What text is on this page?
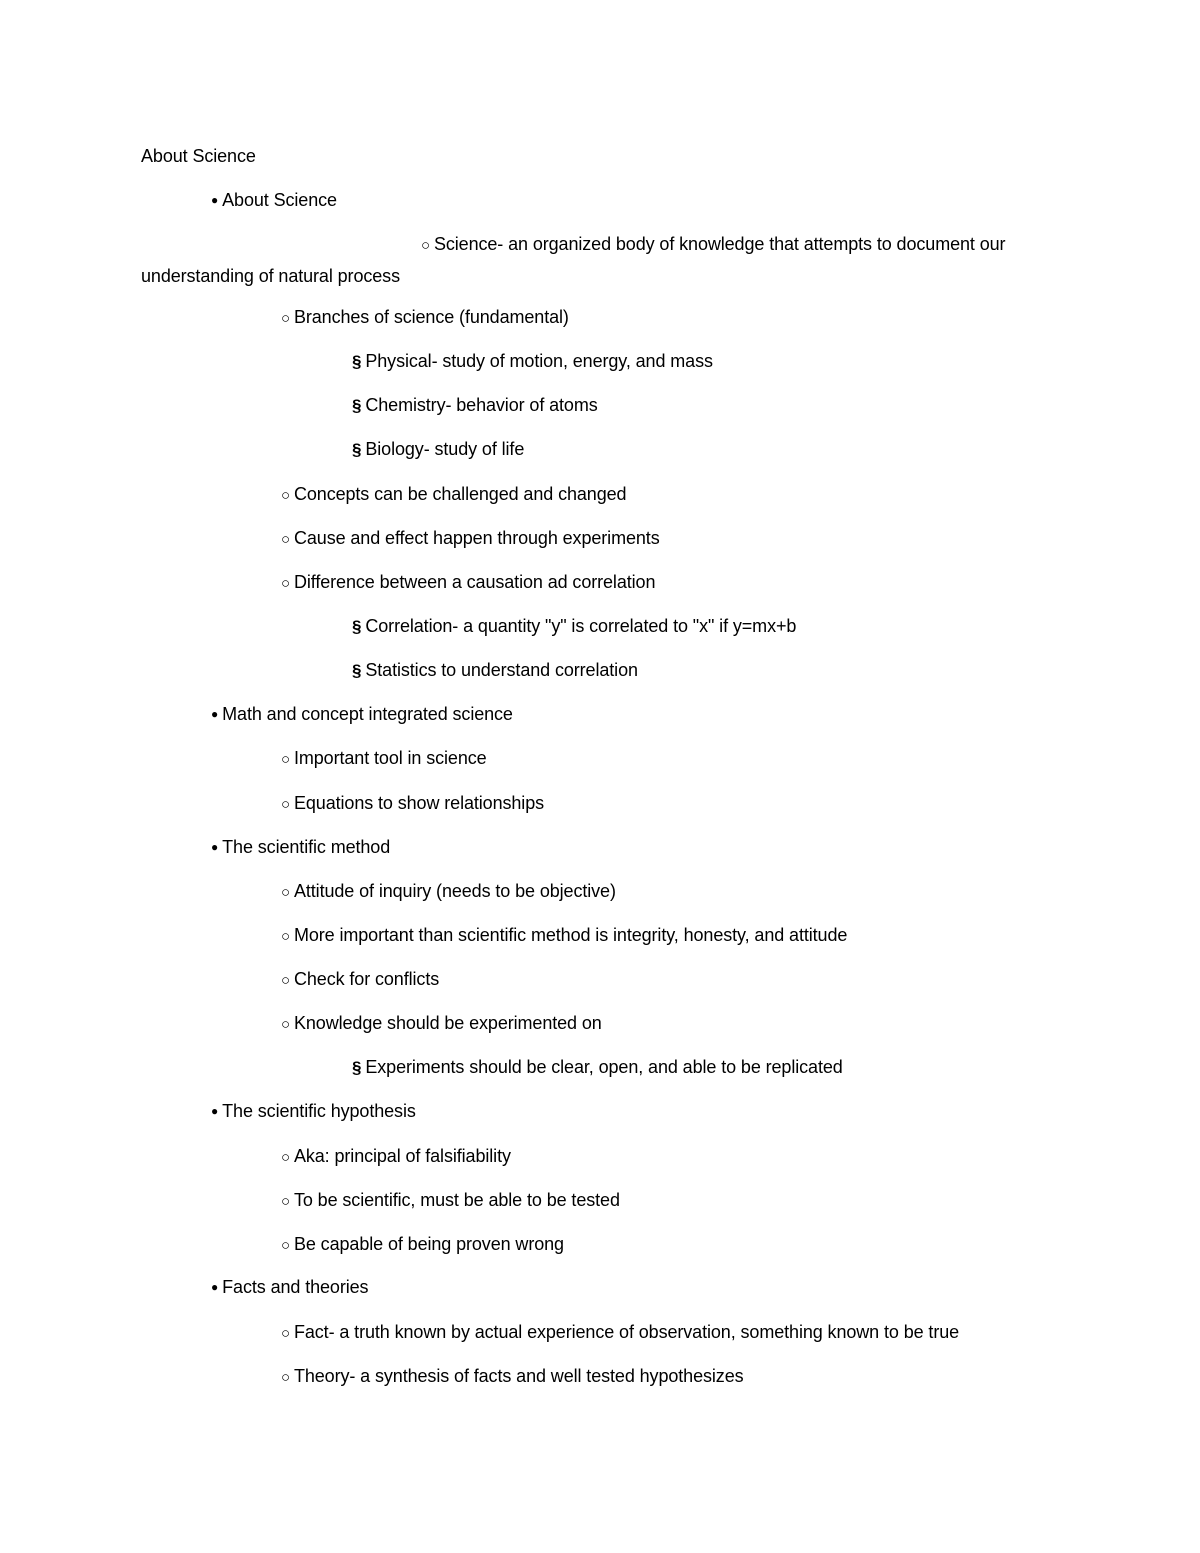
About Science
● About Science
○ Science- an organized body of knowledge that attempts to document our understanding of natural process
○ Branches of science (fundamental)
§ Physical- study of motion, energy, and mass
§ Chemistry- behavior of atoms
§ Biology- study of life
○ Concepts can be challenged and changed
○ Cause and effect happen through experiments
○ Difference between a causation ad correlation
§ Correlation- a quantity "y" is correlated to "x" if y=mx+b
§ Statistics to understand correlation
● Math and concept integrated science
○ Important tool in science
○ Equations to show relationships
● The scientific method
○ Attitude of inquiry (needs to be objective)
○ More important than scientific method is integrity, honesty, and attitude
○ Check for conflicts
○ Knowledge should be experimented on
§ Experiments should be clear, open, and able to be replicated
● The scientific hypothesis
○ Aka: principal of falsifiability
○ To be scientific, must be able to be tested
○ Be capable of being proven wrong
● Facts and theories
○ Fact- a truth known by actual experience of observation, something known to be true
○ Theory- a synthesis of facts and well tested hypothesizes
